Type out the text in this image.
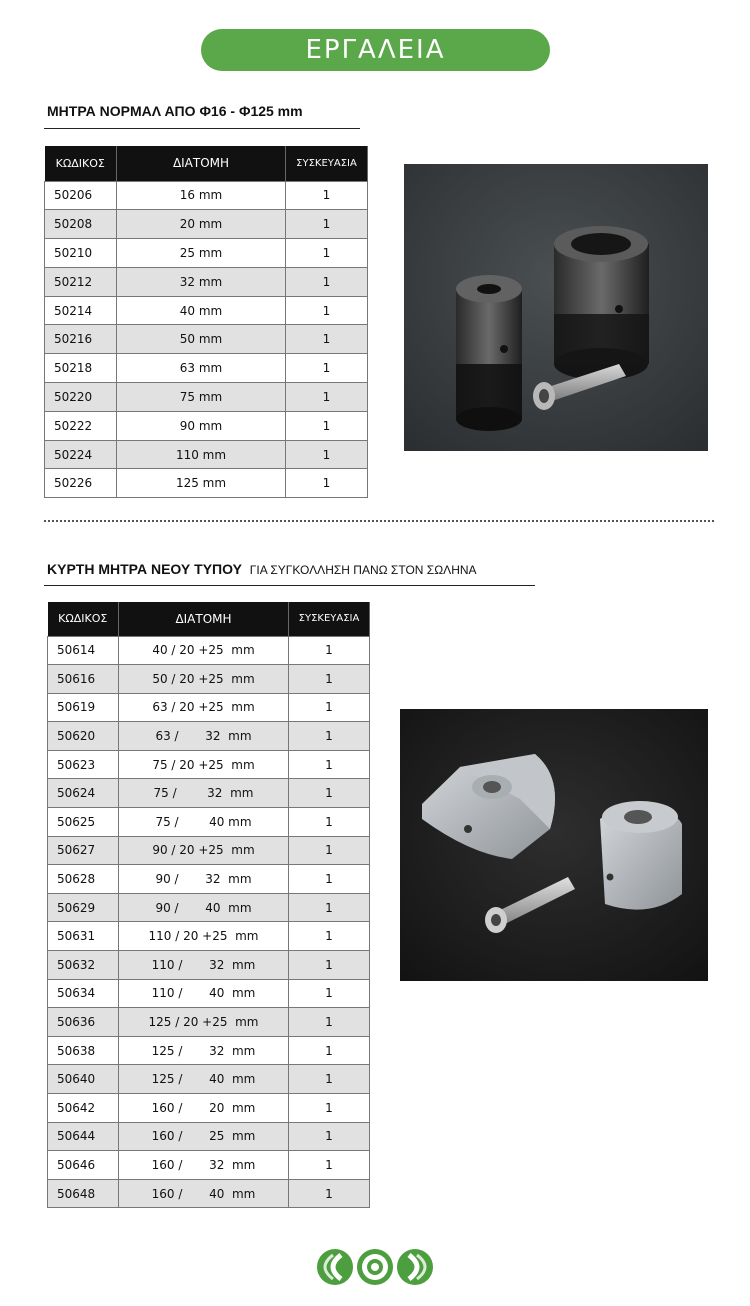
ΕΡΓΑΛΕΙΑ
ΜΗΤΡΑ ΝΟΡΜΑΛ ΑΠΟ Φ16 - Φ125 mm
ΚΩΔΙΚΟΣ	ΔΙΑΤΟΜΗ	ΣΥΣΚΕΥΑΣΙΑ
50206	16 mm	1
50208	20 mm	1
50210	25 mm	1
50212	32 mm	1
50214	40 mm	1
50216	50 mm	1
50218	63 mm	1
50220	75 mm	1
50222	90 mm	1
50224	110 mm	1
50226	125 mm	1
ΚΥΡΤΗ ΜΗΤΡΑ ΝΕΟΥ ΤΥΠΟΥ ΓΙΑ ΣΥΓΚΟΛΛΗΣΗ ΠΑΝΩ ΣΤΟΝ ΣΩΛΗΝΑ
ΚΩΔΙΚΟΣ	ΔΙΑΤΟΜΗ	ΣΥΣΚΕΥΑΣΙΑ
50614	40 / 20 +25  mm	1
50616	50 / 20 +25  mm	1
50619	63 / 20 +25  mm	1
50620	63 /       32  mm	1
50623	75 / 20 +25  mm	1
50624	75 /        32  mm	1
50625	75 /        40 mm	1
50627	90 / 20 +25  mm	1
50628	90 /       32  mm	1
50629	90 /       40  mm	1
50631	110 / 20 +25  mm	1
50632	110 /       32  mm	1
50634	110 /       40  mm	1
50636	125 / 20 +25  mm	1
50638	125 /       32  mm	1
50640	125 /       40  mm	1
50642	160 /       20  mm	1
50644	160 /       25  mm	1
50646	160 /       32  mm	1
50648	160 /       40  mm	1
